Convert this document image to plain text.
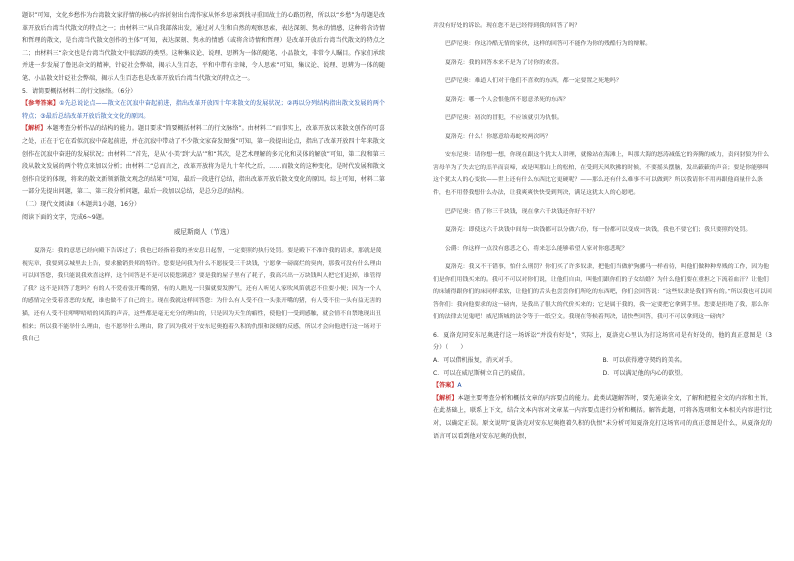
题识”可知，文化乡愁作为台湾散文家抒情的核心内容折射出台湾作家从怀乡思亲到找寻重回故土的心路历程，所以以“乡愁”为母题是改革开放后台湾当代散文的特点之一；由材料三“从自我部落出发，通过对人生和自然的观察思索，表达深刻、隽永的情感，这种将含诗情和哲理的散文，是台湾当代散文创作的主体”可知，表达深刻、隽永的情感（或将含诗情和哲理）是改革开放后台湾当代散文的特点之二；由材料三“杂文也是台湾当代散文中很活跃的类型。这种集议论、说理、思辨为一体的随笔、小品散文，非常令人瞩目。作家们承续并进一步发展了鲁迅杂文的精神，针砭社会弊端，揭示人生百态，平和中带有幸辣，令人思索”可知，集议论、说理、思辨为一体的随笔、小品散文针砭社会弊端，揭示人生百态也是改革开放后台湾当代散文的特点之一。

5．请简要概括材料二的行文脉络。（6分）

【参考答案】①先总说论点——散文在沉寂中奋起前进，指出改革开放四十年来散文的发展状况；②再以分列结构指出散文发展的两个特点；③最后总结改革开放后散文文化的原因。

【解析】本题考查分析作品的结构的能力。题目要求“简要概括材料二的行文脉络”。由材料二“而事实上，改革开放以来散文创作的可喜之处，正在于它在看似沉寂中奋起前进，并在沉寂中带动了不少散文家奋发图强”可知，第一段提出论点，指出了改革开放四十年来散文创作在沉寂中奋进的发展状况；由材料二“首先，是从‘小美’到‘大品’”和“其次，是艺术理解的多元化和灵体的解放”可知，第二段和第三段从散文发展的两个特点来加以分析；由材料二“总而言之，改革开放将为是九十年代之后，……而散文的这种变化，是时代发展和散文创作自觉的体现，将来的散文新领新散文观念的结果”可知，最后一段进行总结，指出改革开放后散文变化的原因。综上可知，材料二第一部分先提出问题，第二、第三段分析问题，最后一段加以总结，是总分总的结构。

（二）现代文阅读Ⅱ（本题共1小题，16分）

阅读下面的文字，完成6~9题。

威尼斯商人（节选）

夏洛克：我的意思已经向殿下告诉过了；我也已经指着我的圣安息日起誓，一定要照约执行处罚。要是殿下不准许我的请求，那就是蔑视宪章，我要到京城里去上告，要求撤销贵邦的特许。您要是问我为什么不愿接受三千块钱，宁愿拿一磅腐烂的臭肉，那我可没有什么理由可以回答您，我只能说我欢喜这样，这个回答是不是可以使您满意？要是我的屋子里有了耗子，我高兴出一万块钱叫人把它们赶掉，谁管得了我？这不是回答了您吗？有的人不爱看张开嘴的猪，有的人瞧见一只猫就要发脾气，还有人听见人家吹风笛就忍不住要小便；因为一个人的感情完全受着喜恶的支配，谁也做不了自己的主。现在我就这样回答您：为什么有人受不住一头张开嘴的猪，有人受不住一头有益无害的猫，还有人受不住咿咿唔唔的风笛的声音，这些都是毫无充分的理由的，只是因为天生的癖性，使他们一受到感触，就会情不自禁地现出丑相来；所以我不能举什么理由，也不愿举什么理由，除了因为我对于安东尼奥抱着久积的仇恨和深刻的反感，所以才会向他进行这一场对于我自己

并没有好处的诉讼。现在您不是已经得到我的回答了吗？

巴萨尼奥：你这冷酷无情的家伙，这样的回答可不能作为你的残酷行为的辩解。

夏洛克：我的回答本来不是为了讨你的欢喜。

巴萨尼奥：难道人们对于他们不喜欢的东西，都一定要置之死地吗？

夏洛克：哪一个人会恨他所不愿意杀死的东西？

巴萨尼奥：初次的冒犯，不应该就引为仇恨。

夏洛克：什么！你愿意给毒蛇咬两次吗？

安东尼奥：请你想一想，你现在跟这个犹太人讲理，就像站在海滩上，叫那大海的怒涛减低它的奔腾的威力，责问豺狼为什么害母羊为了失去它的羔羊而哀啼，或是叫那山上的松柏，在受到天风吹拂的时候，不要摇头摆脑，发出簌簌的声音；要是你能够叫这个犹太人的心变软——世上还有什么东西比它更硬呢？——那么还有什么难事不可以做到？所以我请你不用再跟他商量什么条件，也不用替我想什么办法，让我爽爽快快受到判决，满足这犹太人的心愿吧。

巴萨尼奥：借了你三千块钱，现在拿六千块钱还你好不好？

夏洛克：即使这六千块钱中间每一块钱都可以分做六份，每一份都可以变成一块钱，我也不要它们；我只要照约处罚。

公爵：你这样一点没有慈悲之心，将来怎么能够希望人家对你慈悲呢？

夏洛克：我又不干错事，怕什么刑罚？你们买了许多奴隶，把他们当做驴狗骡马一样看待，叫他们做种种卑贱的工作，因为他们是你们用钱买来的。我可不可以对你们说，让他们自由，叫他们跟你们的子女结婚？为什么他们要在重担之下流着血汗？让他们的床铺得跟你们的床同样柔软，让他们的舌头也尝尝你们所吃的东西吧，你们会回答说：“这些奴隶是我们所有的。”所以我也可以回答你们：我向他要求的这一磅肉，是我出了很大的代价买来的；它是属于我的，我一定要把它拿到手里。您要是拒绝了我，那么你们的法律去见鬼吧！威尼斯城的法令等于一纸空文。我现在等候着判决，请快些回答，我可不可以拿到这一磅肉？

6．夏洛克同安东尼奥进行这一场诉讼“并没有好处”，实际上，夏洛克心里认为打这场官司是有好处的，他的真正意图是（3分）（　　）

A．可以借机报复，消灭对手。	B．可以获得遵守契约的美名。
C．可以在威尼斯树立自己的威信。	D．可以满足他的内心的欲望。

【答案】A

【解析】本题主要考查分析和概括文章的内容要点的能力。此类试题解答时，要先通读全文，了解和把握全文的内容和主旨，在此基础上，联系上下文，结合文本内容对文章某一内容要点进行分析和概括。解答此题，可将各选项和文本相关内容进行比对，以确定正误。原文说明“夏洛克对安东尼奥抱着久积的仇恨”未分析可知夏洛克打这场官司的真正意图是什么，从夏洛克的语言可以看到他对安东尼奥的仇恨，
